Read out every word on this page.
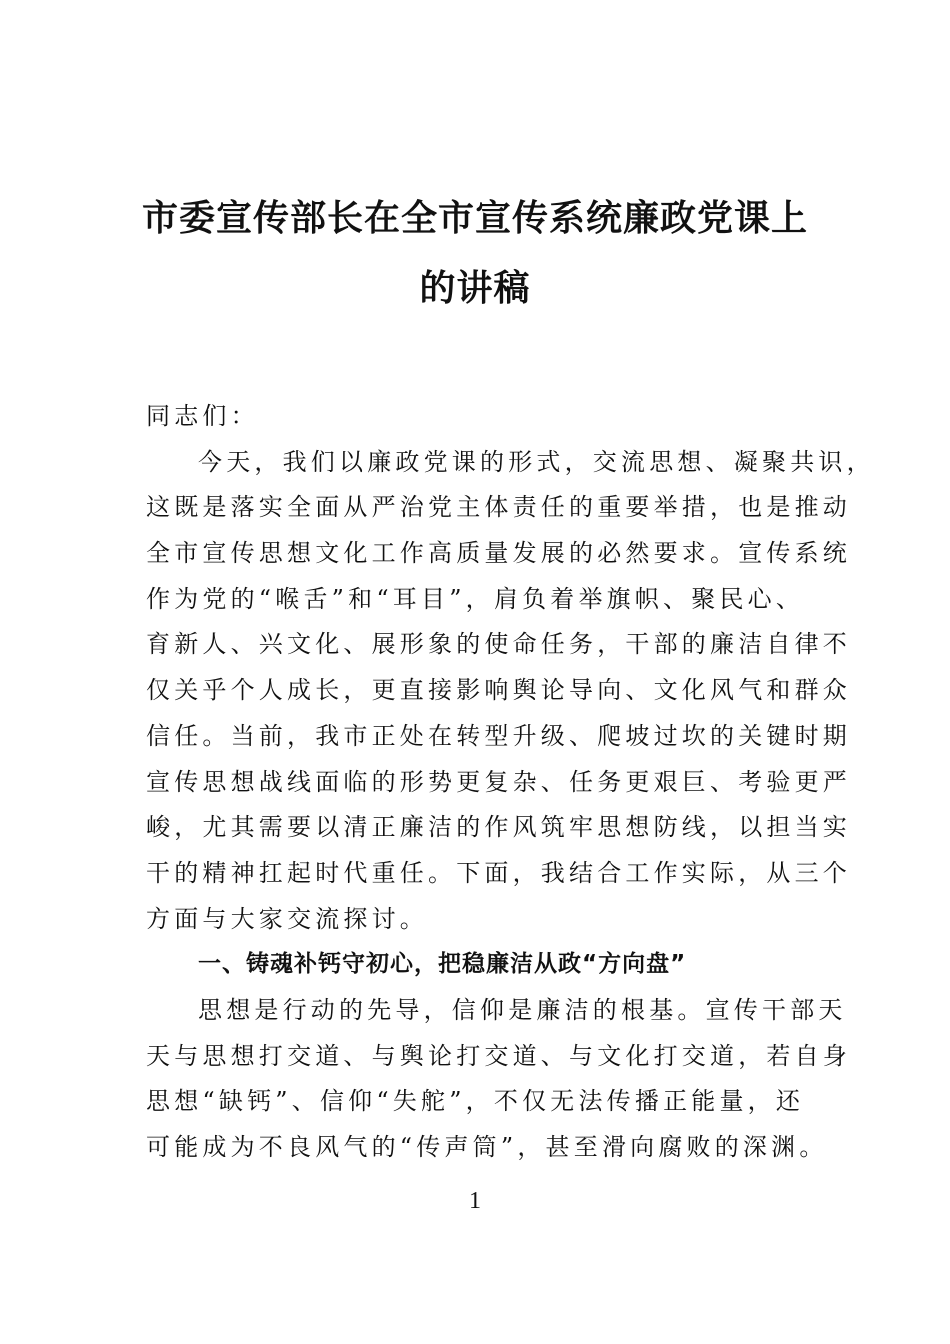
市委宣传部长在全市宣传系统廉政党课上
的讲稿
同志们：
今天，我们以廉政党课的形式，交流思想、凝聚共识，
这既是落实全面从严治党主体责任的重要举措，也是推动
全市宣传思想文化工作高质量发展的必然要求。宣传系统
作为党的“喉舌”和“耳目”，肩负着举旗帜、聚民心、
育新人、兴文化、展形象的使命任务，干部的廉洁自律不
仅关乎个人成长，更直接影响舆论导向、文化风气和群众
信任。当前，我市正处在转型升级、爬坡过坎的关键时期
宣传思想战线面临的形势更复杂、任务更艰巨、考验更严
峻，尤其需要以清正廉洁的作风筑牢思想防线，以担当实
干的精神扛起时代重任。下面，我结合工作实际，从三个
方面与大家交流探讨。
一、铸魂补钙守初心，把稳廉洁从政“方向盘”
思想是行动的先导，信仰是廉洁的根基。宣传干部天
天与思想打交道、与舆论打交道、与文化打交道，若自身
思想“缺钙”、信仰“失舵”，不仅无法传播正能量，还
可能成为不良风气的“传声筒”，甚至滑向腐败的深渊。
1
